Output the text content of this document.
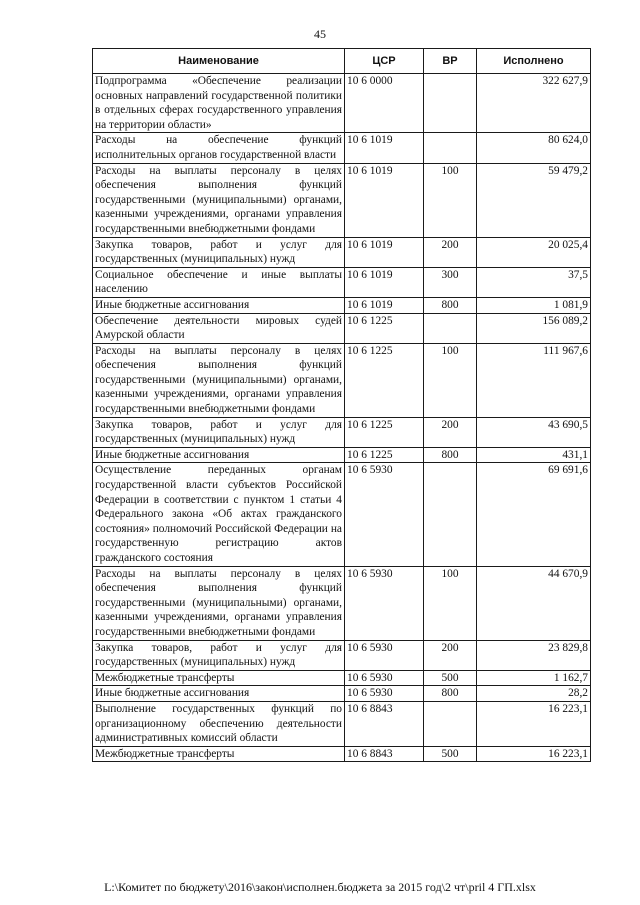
45
Наименование	ЦСР	ВР	Исполнено
Подпрограмма «Обеспечение реализации основных направлений государственной политики в отдельных сферах государственного управления на территории области»	10 6 0000		322 627,9
Расходы на обеспечение функций исполнительных органов государственной власти	10 6 1019		80 624,0
Расходы на выплаты персоналу в целях обеспечения выполнения функций государственными (муниципальными) органами, казенными учреждениями, органами управления государственными внебюджетными фондами	10 6 1019	100	59 479,2
Закупка товаров, работ и услуг для государственных (муниципальных) нужд	10 6 1019	200	20 025,4
Социальное обеспечение и иные выплаты населению	10 6 1019	300	37,5
Иные бюджетные ассигнования	10 6 1019	800	1 081,9
Обеспечение деятельности мировых судей Амурской области	10 6 1225		156 089,2
Расходы на выплаты персоналу в целях обеспечения выполнения функций государственными (муниципальными) органами, казенными учреждениями, органами управления государственными внебюджетными фондами	10 6 1225	100	111 967,6
Закупка товаров, работ и услуг для государственных (муниципальных) нужд	10 6 1225	200	43 690,5
Иные бюджетные ассигнования	10 6 1225	800	431,1
Осуществление переданных органам государственной власти субъектов Российской Федерации в соответствии с пунктом 1 статьи 4 Федерального закона «Об актах гражданского состояния» полномочий Российской Федерации на государственную регистрацию актов гражданского состояния	10 6 5930		69 691,6
Расходы на выплаты персоналу в целях обеспечения выполнения функций государственными (муниципальными) органами, казенными учреждениями, органами управления государственными внебюджетными фондами	10 6 5930	100	44 670,9
Закупка товаров, работ и услуг для государственных (муниципальных) нужд	10 6 5930	200	23 829,8
Межбюджетные трансферты	10 6 5930	500	1 162,7
Иные бюджетные ассигнования	10 6 5930	800	28,2
Выполнение государственных функций по организационному обеспечению деятельности административных комиссий области	10 6 8843		16 223,1
Межбюджетные трансферты	10 6 8843	500	16 223,1
L:\Комитет по бюджету\2016\закон\исполнен.бюджета за 2015 год\2 чт\pril 4 ГП.xlsx
